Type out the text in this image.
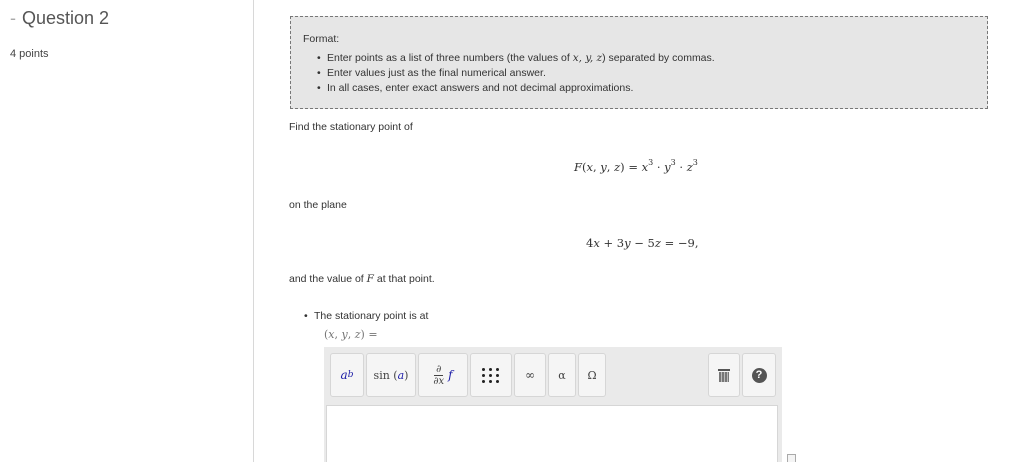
- Question 2
4 points
Format:
• Enter points as a list of three numbers (the values of x, y, z) separated by commas.
• Enter values just as the final numerical answer.
• In all cases, enter exact answers and not decimal approximations.
Find the stationary point of
F(x, y, $z) = x^3 \cdot y^3 \cdot z^3$
on the plane
4x + 3y − 5z = −9,
and the value of F at that point.
• The stationary point is at
(x, y, z) =
a b sin ( a )	$\frac{\partial}{\partial x}$ f	∞	α	Ω	?
